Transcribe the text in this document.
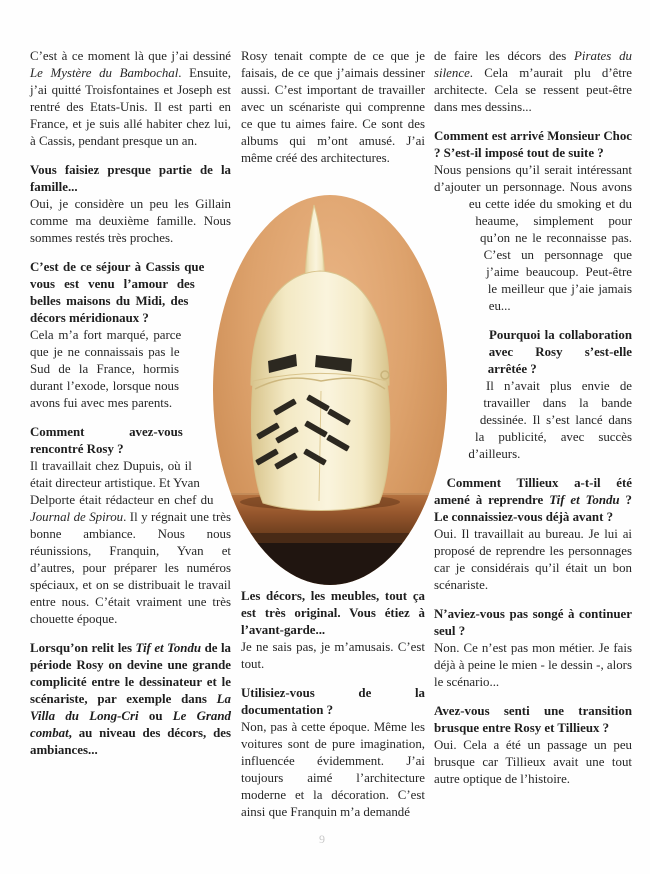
C’est à ce moment là que j’ai dessiné Le Mystère du Bambochal. Ensuite, j’ai quitté Troisfontaines et Joseph est rentré des Etats-Unis. Il est parti en France, et je suis allé habiter chez lui, à Cassis, pendant presque un an.

Vous faisiez presque partie de la famille...

Oui, je considère un peu les Gillain comme ma deuxième famille. Nous sommes restés très proches.

C’est de ce séjour à Cassis que vous est venu l’amour des belles maisons du Midi, des décors méridionaux ?

Cela m’a fort marqué, parce que je ne connaissais pas le Sud de la France, hormis durant l’exode, lorsque nous avons fui avec mes parents.

Comment avez-vous rencontré Rosy ?

Il travaillait chez Dupuis, où il était directeur artistique. Et Yvan Delporte était rédacteur en chef du Journal de Spirou. Il y régnait une très bonne ambiance. Nous nous réunissions, Franquin, Yvan et d’autres, pour préparer les numéros spéciaux, et on se distribuait le travail entre nous. C’était vraiment une très chouette époque.

Lorsqu’on relit les Tif et Tondu de la période Rosy on devine une grande complicité entre le dessinateur et le scénariste, par exemple dans La Villa du Long-Cri ou Le Grand combat, au niveau des décors, des ambiances...

Rosy tenait compte de ce que je faisais, de ce que j’aimais dessiner aussi. C’est important de travailler avec un scénariste qui comprenne ce que tu aimes faire. Ce sont des albums qui m’ont amusé. J’ai même créé des architectures.

Les décors, les meubles, tout ça est très original. Vous étiez à l’avant-garde...

Je ne sais pas, je m’amusais. C’est tout.

Utilisiez-vous de la documentation ?

Non, pas à cette époque. Même les voitures sont de pure imagination, influencée évidemment. J’ai toujours aimé l’architecture moderne et la décoration. C’est ainsi que Franquin m’a demandé

de faire les décors des Pirates du silence. Cela m’aurait plu d’être architecte. Cela se ressent peut-être dans mes dessins...

Comment est arrivé Monsieur Choc ? S’est-il imposé tout de suite ?

Nous pensions qu’il serait intéressant d’ajouter un personnage.
Nous avons eu cette idée du smoking et du heaume, simplement pour qu’on ne le reconnaisse pas. C’est un personnage que j’aime beaucoup. Peut-être le meilleur que j’aie jamais eu...

Pourquoi la collaboration avec Rosy s’est-elle arrêtée ?

Il n’avait plus envie de travailler dans la bande dessinée. Il s’est lancé dans la publicité, avec succès d’ailleurs.

Comment Tillieux a-t-il été amené à reprendre Tif et Tondu ? Le connaissiez-vous déjà avant ?

Oui. Il travaillait au bureau. Je lui ai proposé de reprendre les personnages car je considérais qu’il était un bon scénariste.

N’aviez-vous pas songé à continuer seul ?

Non. Ce n’est pas mon métier. Je fais déjà à peine le mien - le dessin -, alors le scénario...

Avez-vous senti une transition brusque entre Rosy et Tillieux ?

Oui. Cela a été un passage un peu brusque car Tillieux avait une tout autre optique de l’histoire.

9
